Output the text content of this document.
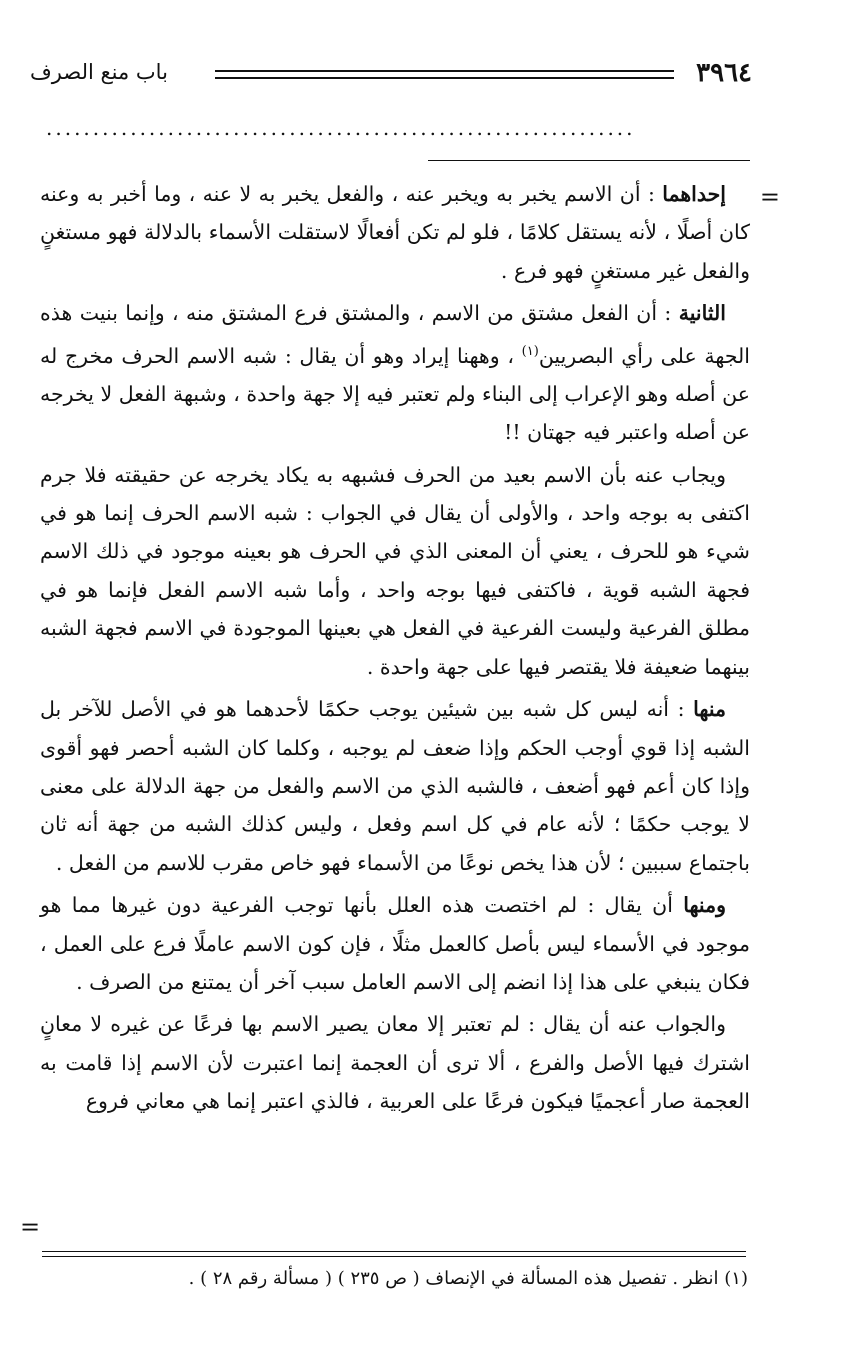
٣٩٦٤
باب منع الصرف
...............................................................
=

إحداهما : أن الاسم يخبر به ويخبر عنه ، والفعل يخبر به لا عنه ، وما أخبر به وعنه كان أصلًا ، لأنه يستقل كلامًا ، فلو لم تكن أفعالًا لاستقلت الأسماء بالدلالة فهو مستغنٍ والفعل غير مستغنٍ فهو فرع .

الثانية : أن الفعل مشتق من الاسم ، والمشتق فرع المشتق منه ، وإنما بنيت هذه الجهة على رأي البصريين$^{(١)}$ ، وههنا إيراد وهو أن يقال : شبه الاسم الحرف مخرج له عن أصله وهو الإعراب إلى البناء ولم تعتبر فيه إلا جهة واحدة ، وشبهة الفعل لا يخرجه عن أصله واعتبر فيه جهتان !!

ويجاب عنه بأن الاسم بعيد من الحرف فشبهه به يكاد يخرجه عن حقيقته فلا جرم اكتفى به بوجه واحد ، والأولى أن يقال في الجواب : شبه الاسم الحرف إنما هو في شيء هو للحرف ، يعني أن المعنى الذي في الحرف هو بعينه موجود في ذلك الاسم فجهة الشبه قوية ، فاكتفى فيها بوجه واحد ، وأما شبه الاسم الفعل فإنما هو في مطلق الفرعية وليست الفرعية في الفعل هي بعينها الموجودة في الاسم فجهة الشبه بينهما ضعيفة فلا يقتصر فيها على جهة واحدة .

منها : أنه ليس كل شبه بين شيئين يوجب حكمًا لأحدهما هو في الأصل للآخر بل الشبه إذا قوي أوجب الحكم وإذا ضعف لم يوجبه ، وكلما كان الشبه أحصر فهو أقوى وإذا كان أعم فهو أضعف ، فالشبه الذي من الاسم والفعل من جهة الدلالة على معنى لا يوجب حكمًا ؛ لأنه عام في كل اسم وفعل ، وليس كذلك الشبه من جهة أنه ثان باجتماع سببين ؛ لأن هذا يخص نوعًا من الأسماء فهو خاص مقرب للاسم من الفعل .

ومنها أن يقال : لم اختصت هذه العلل بأنها توجب الفرعية دون غيرها مما هو موجود في الأسماء ليس بأصل كالعمل مثلًا ، فإن كون الاسم عاملًا فرع على العمل ، فكان ينبغي على هذا إذا انضم إلى الاسم العامل سبب آخر أن يمتنع من الصرف .

والجواب عنه أن يقال : لم تعتبر إلا معان يصير الاسم بها فرعًا عن غيره لا معانٍ اشترك فيها الأصل والفرع ، ألا ترى أن العجمة إنما اعتبرت لأن الاسم إذا قامت به العجمة صار أعجميًا فيكون فرعًا على العربية ، فالذي اعتبر إنما هي معاني فروع

=
(١) انظر . تفصيل هذه المسألة في الإنصاف ( ص ٢٣٥ ) ( مسألة رقم ٢٨ ) .
